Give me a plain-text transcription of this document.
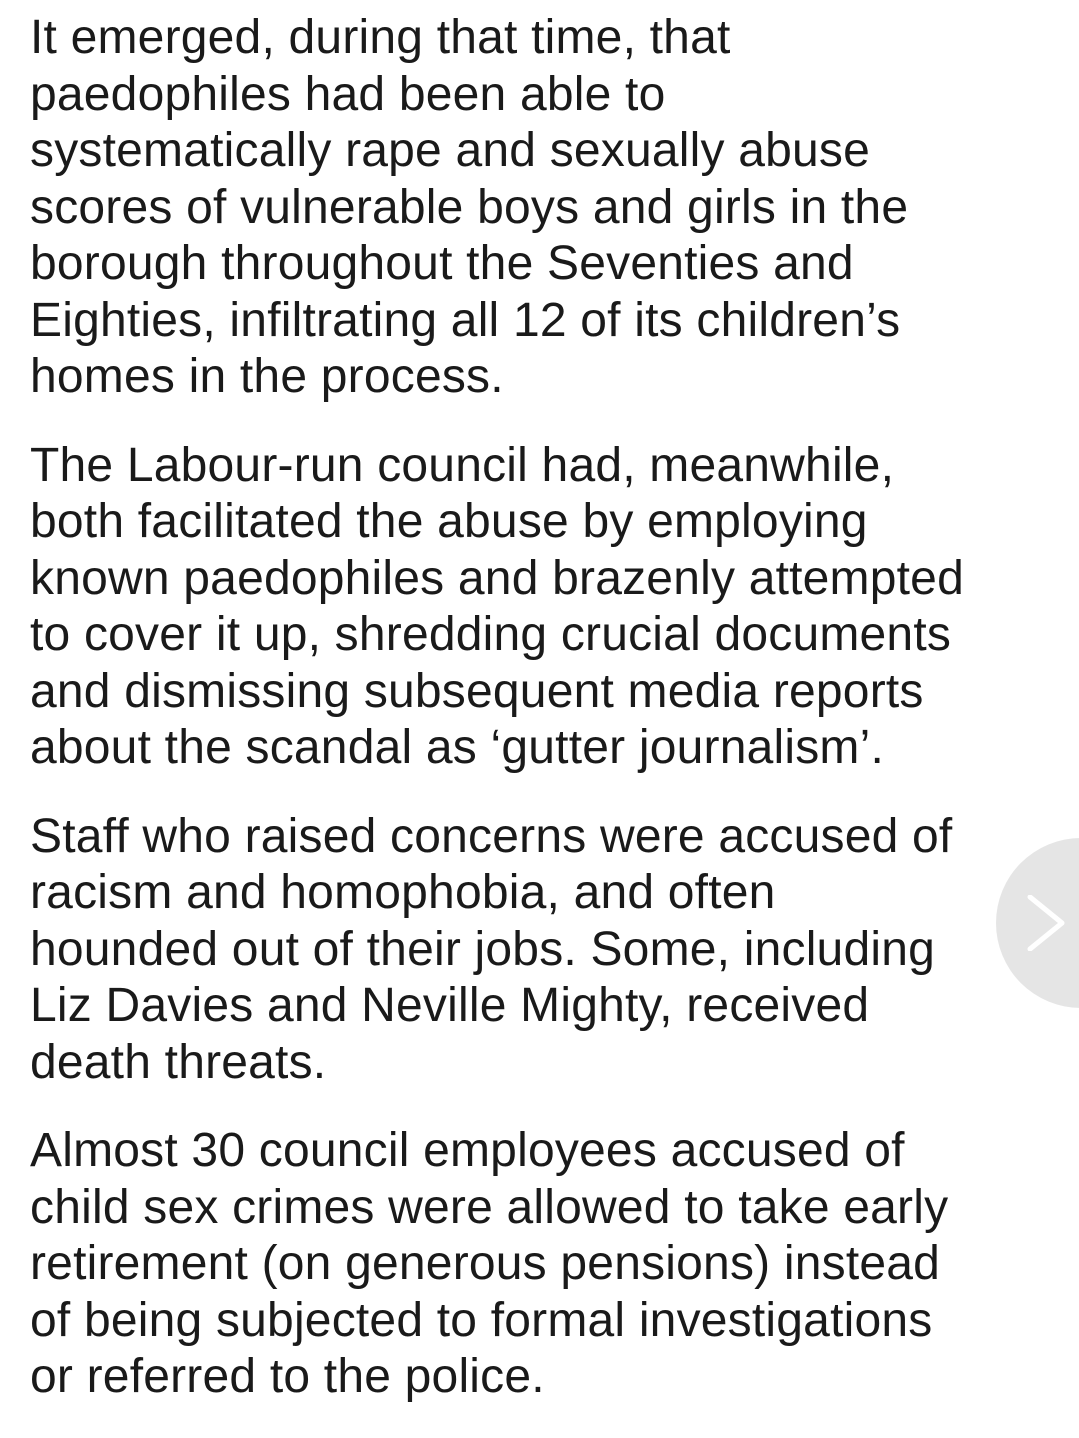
It emerged, during that time, that
paedophiles had been able to
systematically rape and sexually abuse
scores of vulnerable boys and girls in the
borough throughout the Seventies and
Eighties, infiltrating all 12 of its children’s
homes in the process.

The Labour-run council had, meanwhile,
both facilitated the abuse by employing
known paedophiles and brazenly attempted
to cover it up, shredding crucial documents
and dismissing subsequent media reports
about the scandal as ‘gutter journalism’.

Staff who raised concerns were accused of
racism and homophobia, and often
hounded out of their jobs. Some, including
Liz Davies and Neville Mighty, received
death threats.

Almost 30 council employees accused of
child sex crimes were allowed to take early
retirement (on generous pensions) instead
of being subjected to formal investigations
or referred to the police.
